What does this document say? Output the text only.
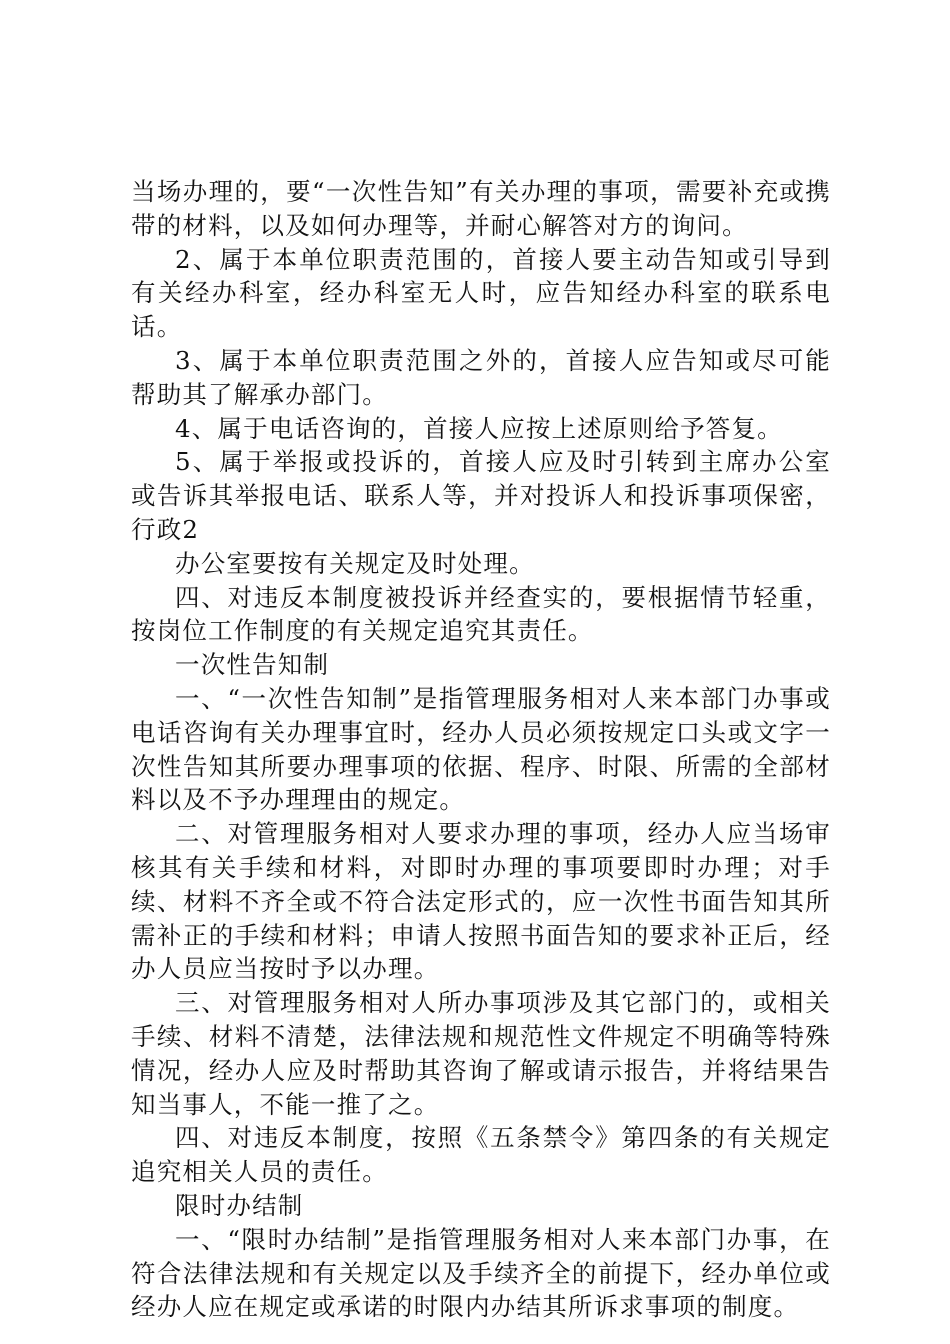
当场办理的，要“一次性告知”有关办理的事项，需要补充或携带的材料，以及如何办理等，并耐心解答对方的询问。

2、属于本单位职责范围的，首接人要主动告知或引导到有关经办科室，经办科室无人时，应告知经办科室的联系电话。

3、属于本单位职责范围之外的，首接人应告知或尽可能帮助其了解承办部门。

4、属于电话咨询的，首接人应按上述原则给予答复。

5、属于举报或投诉的，首接人应及时引转到主席办公室或告诉其举报电话、联系人等，并对投诉人和投诉事项保密，行政2

办公室要按有关规定及时处理。

四、对违反本制度被投诉并经查实的，要根据情节轻重，按岗位工作制度的有关规定追究其责任。

一次性告知制

一、“一次性告知制”是指管理服务相对人来本部门办事或电话咨询有关办理事宜时，经办人员必须按规定口头或文字一次性告知其所要办理事项的依据、程序、时限、所需的全部材料以及不予办理理由的规定。

二、对管理服务相对人要求办理的事项，经办人应当场审核其有关手续和材料，对即时办理的事项要即时办理；对手续、材料不齐全或不符合法定形式的，应一次性书面告知其所需补正的手续和材料；申请人按照书面告知的要求补正后，经办人员应当按时予以办理。

三、对管理服务相对人所办事项涉及其它部门的，或相关手续、材料不清楚，法律法规和规范性文件规定不明确等特殊情况，经办人应及时帮助其咨询了解或请示报告，并将结果告知当事人，不能一推了之。

四、对违反本制度，按照《五条禁令》第四条的有关规定追究相关人员的责任。

限时办结制

一、“限时办结制”是指管理服务相对人来本部门办事，在符合法律法规和有关规定以及手续齐全的前提下，经办单位或经办人应在规定或承诺的时限内办结其所诉求事项的制度。
